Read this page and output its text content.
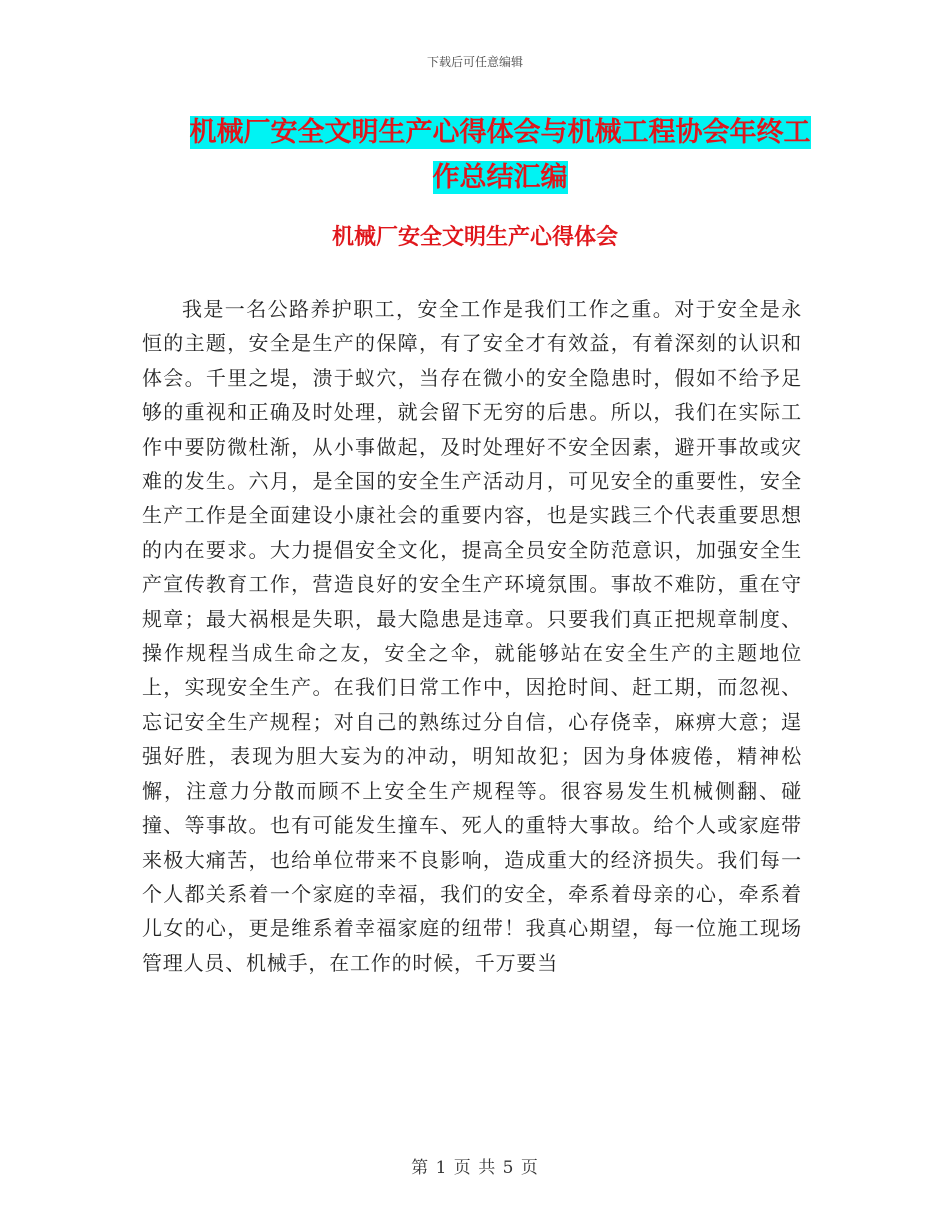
下载后可任意编辑
机械厂安全文明生产心得体会与机械工程协会年终工
作总结汇编
机械厂安全文明生产心得体会

我是一名公路养护职工，安全工作是我们工作之重。对于安全是永恒的主题，安全是生产的保障，有了安全才有效益，有着深刻的认识和体会。千里之堤，溃于蚁穴，当存在微小的安全隐患时，假如不给予足够的重视和正确及时处理，就会留下无穷的后患。所以，我们在实际工作中要防微杜渐，从小事做起，及时处理好不安全因素，避开事故或灾难的发生。六月，是全国的安全生产活动月，可见安全的重要性，安全生产工作是全面建设小康社会的重要内容，也是实践三个代表重要思想的内在要求。大力提倡安全文化，提高全员安全防范意识，加强安全生产宣传教育工作，营造良好的安全生产环境氛围。事故不难防，重在守规章；最大祸根是失职，最大隐患是违章。只要我们真正把规章制度、操作规程当成生命之友，安全之伞，就能够站在安全生产的主题地位上，实现安全生产。在我们日常工作中，因抢时间、赶工期，而忽视、忘记安全生产规程；对自己的熟练过分自信，心存侥幸，麻痹大意；逞强好胜，表现为胆大妄为的冲动，明知故犯；因为身体疲倦，精神松懈，注意力分散而顾不上安全生产规程等。很容易发生机械侧翻、碰撞、等事故。也有可能发生撞车、死人的重特大事故。给个人或家庭带来极大痛苦，也给单位带来不良影响，造成重大的经济损失。我们每一个人都关系着一个家庭的幸福，我们的安全，牵系着母亲的心，牵系着儿女的心，更是维系着幸福家庭的纽带！我真心期望，每一位施工现场管理人员、机械手，在工作的时候，千万要当

第 1 页 共 5 页
